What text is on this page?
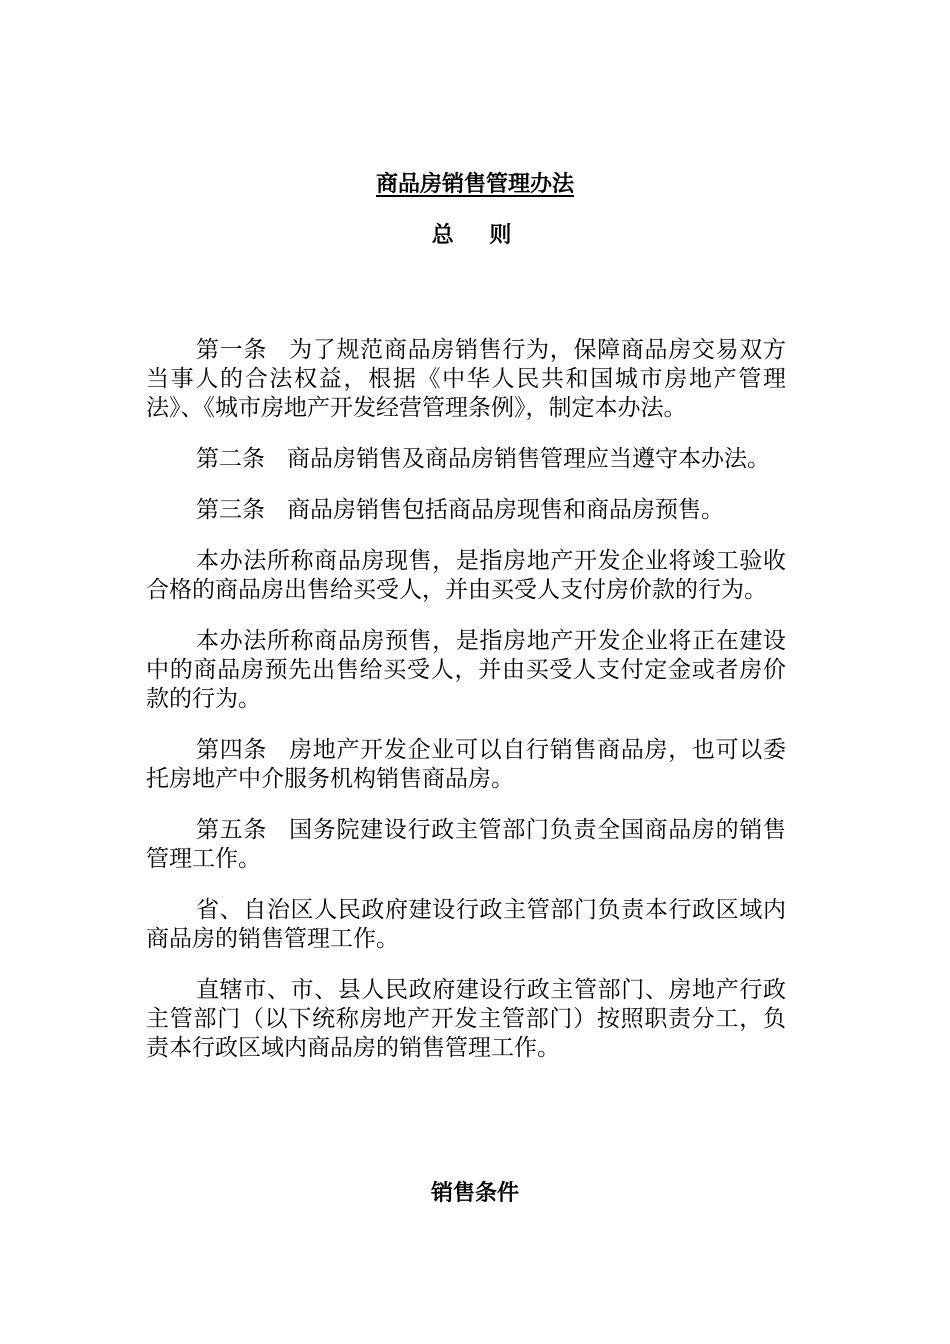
商品房销售管理办法
总 则

第一条 为了规范商品房销售行为，保障商品房交易双方当事人的合法权益，根据《中华人民共和国城市房地产管理法》、《城市房地产开发经营管理条例》，制定本办法。

第二条 商品房销售及商品房销售管理应当遵守本办法。

第三条 商品房销售包括商品房现售和商品房预售。

本办法所称商品房现售，是指房地产开发企业将竣工验收合格的商品房出售给买受人，并由买受人支付房价款的行为。

本办法所称商品房预售，是指房地产开发企业将正在建设中的商品房预先出售给买受人，并由买受人支付定金或者房价款的行为。

第四条 房地产开发企业可以自行销售商品房，也可以委托房地产中介服务机构销售商品房。

第五条 国务院建设行政主管部门负责全国商品房的销售管理工作。

省、自治区人民政府建设行政主管部门负责本行政区域内商品房的销售管理工作。

直辖市、市、县人民政府建设行政主管部门、房地产行政主管部门（以下统称房地产开发主管部门）按照职责分工，负责本行政区域内商品房的销售管理工作。

销售条件
